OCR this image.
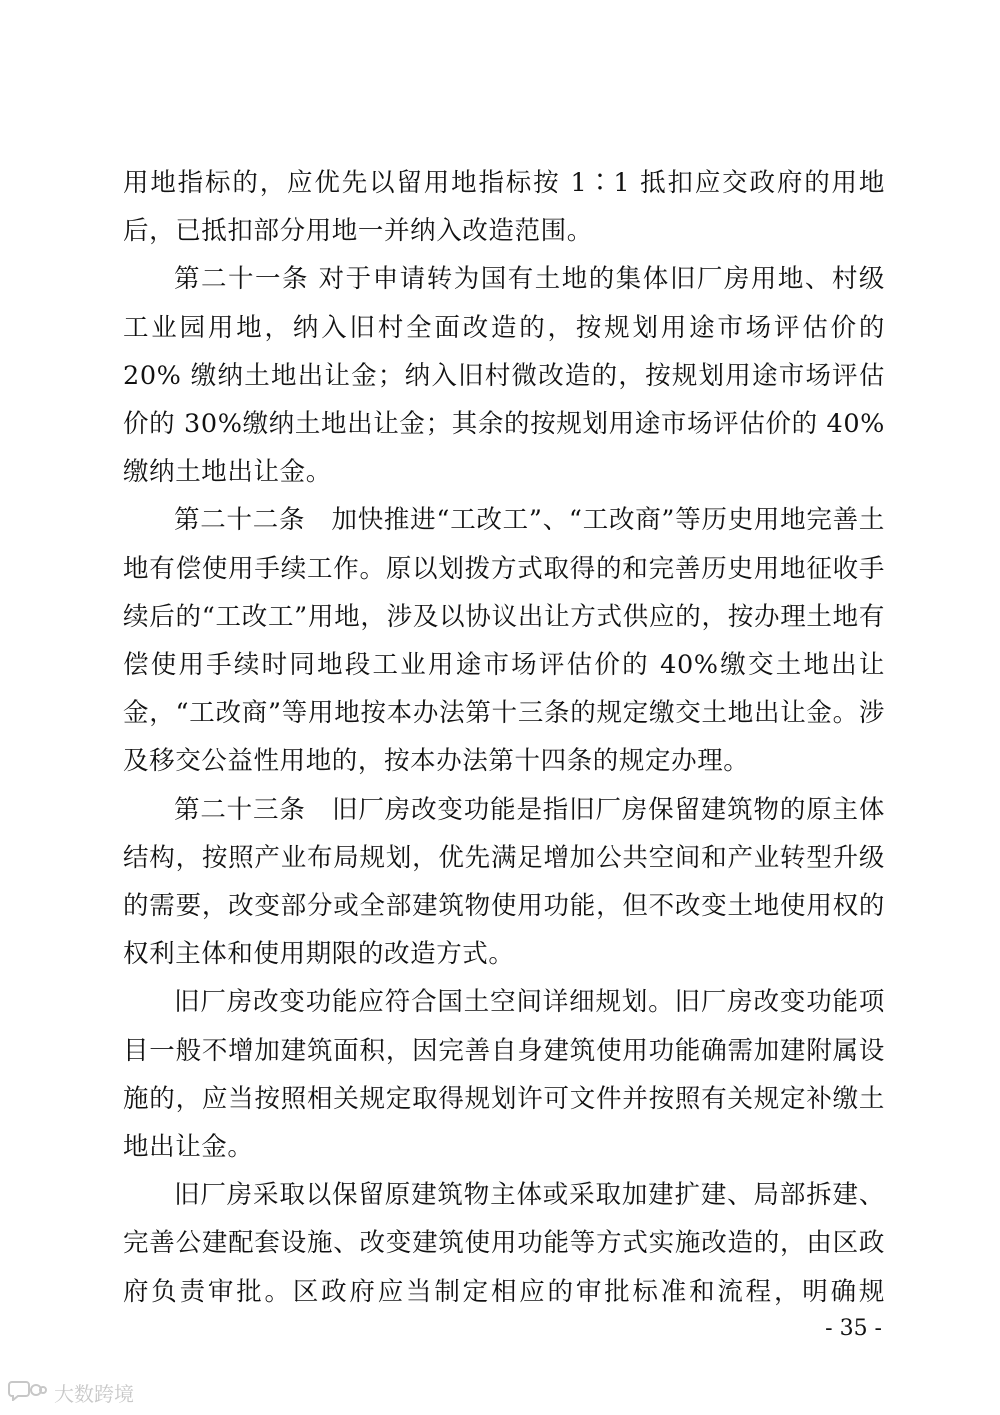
用地指标的，应优先以留用地指标按 1∶1 抵扣应交政府的用地后，已抵扣部分用地一并纳入改造范围。

第二十一条 对于申请转为国有土地的集体旧厂房用地、村级工业园用地，纳入旧村全面改造的，按规划用途市场评估价的 20% 缴纳土地出让金；纳入旧村微改造的，按规划用途市场评估价的 30%缴纳土地出让金；其余的按规划用途市场评估价的 40%缴纳土地出让金。

第二十二条　加快推进“工改工”、“工改商”等历史用地完善土地有偿使用手续工作。原以划拨方式取得的和完善历史用地征收手续后的“工改工”用地，涉及以协议出让方式供应的，按办理土地有偿使用手续时同地段工业用途市场评估价的 40%缴交土地出让金，“工改商”等用地按本办法第十三条的规定缴交土地出让金。涉及移交公益性用地的，按本办法第十四条的规定办理。

第二十三条　旧厂房改变功能是指旧厂房保留建筑物的原主体结构，按照产业布局规划，优先满足增加公共空间和产业转型升级的需要，改变部分或全部建筑物使用功能，但不改变土地使用权的权利主体和使用期限的改造方式。

旧厂房改变功能应符合国土空间详细规划。旧厂房改变功能项目一般不增加建筑面积，因完善自身建筑使用功能确需加建附属设施的，应当按照相关规定取得规划许可文件并按照有关规定补缴土地出让金。

旧厂房采取以保留原建筑物主体或采取加建扩建、局部拆建、完善公建配套设施、改变建筑使用功能等方式实施改造的，由区政府负责审批。区政府应当制定相应的审批标准和流程，明确规

- 35 -
大数跨境
